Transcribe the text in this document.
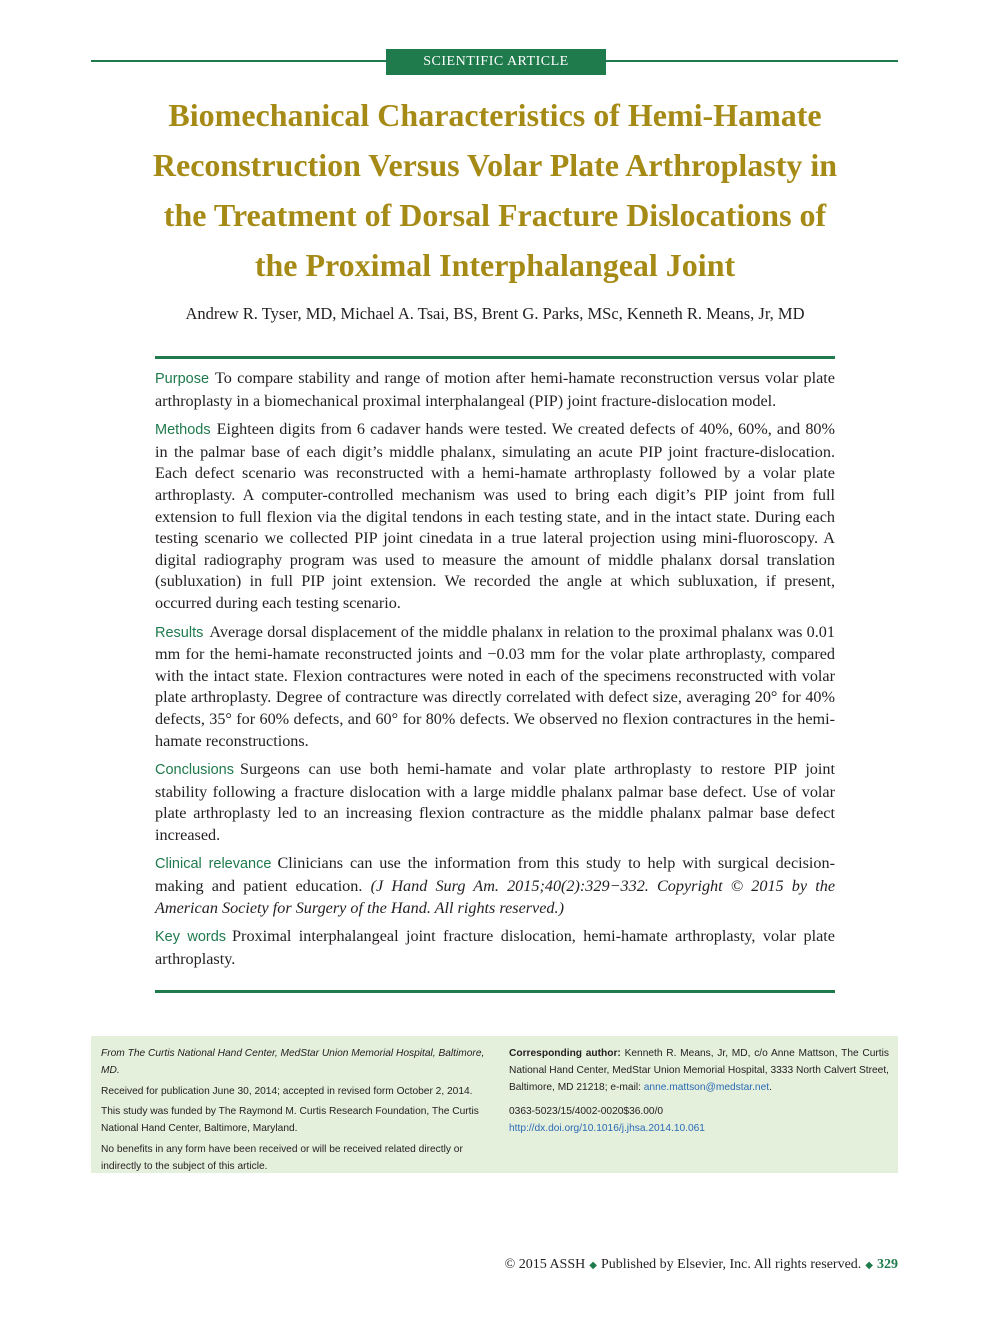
SCIENTIFIC ARTICLE
Biomechanical Characteristics of Hemi-Hamate
Reconstruction Versus Volar Plate Arthroplasty in
the Treatment of Dorsal Fracture Dislocations of
the Proximal Interphalangeal Joint
Andrew R. Tyser, MD, Michael A. Tsai, BS, Brent G. Parks, MSc, Kenneth R. Means, Jr, MD

Purpose To compare stability and range of motion after hemi-hamate reconstruction versus volar plate arthroplasty in a biomechanical proximal interphalangeal (PIP) joint fracture-dislocation model.

Methods Eighteen digits from 6 cadaver hands were tested. We created defects of 40%, 60%, and 80% in the palmar base of each digit’s middle phalanx, simulating an acute PIP joint fracture-dislocation. Each defect scenario was reconstructed with a hemi-hamate arthroplasty followed by a volar plate arthroplasty. A computer-controlled mechanism was used to bring each digit’s PIP joint from full extension to full flexion via the digital tendons in each testing state, and in the intact state. During each testing scenario we collected PIP joint cinedata in a true lateral projection using mini-fluoroscopy. A digital radiography program was used to measure the amount of middle phalanx dorsal translation (subluxation) in full PIP joint extension. We recorded the angle at which subluxation, if present, occurred during each testing scenario.

Results Average dorsal displacement of the middle phalanx in relation to the proximal phalanx was 0.01 mm for the hemi-hamate reconstructed joints and −0.03 mm for the volar plate arthroplasty, compared with the intact state. Flexion contractures were noted in each of the specimens reconstructed with volar plate arthroplasty. Degree of contracture was directly correlated with defect size, averaging 20° for 40% defects, 35° for 60% defects, and 60° for 80% defects. We observed no flexion contractures in the hemi-hamate reconstructions.

Conclusions Surgeons can use both hemi-hamate and volar plate arthroplasty to restore PIP joint stability following a fracture dislocation with a large middle phalanx palmar base defect. Use of volar plate arthroplasty led to an increasing flexion contracture as the middle phalanx palmar base defect increased.

Clinical relevance Clinicians can use the information from this study to help with surgical decision-making and patient education. (J Hand Surg Am. 2015;40(2):329−332. Copyright © 2015 by the American Society for Surgery of the Hand. All rights reserved.)

Key words Proximal interphalangeal joint fracture dislocation, hemi-hamate arthroplasty, volar plate arthroplasty.

From The Curtis National Hand Center, MedStar Union Memorial Hospital, Baltimore, MD.

Received for publication June 30, 2014; accepted in revised form October 2, 2014.

This study was funded by The Raymond M. Curtis Research Foundation, The Curtis National Hand Center, Baltimore, Maryland.

No benefits in any form have been received or will be received related directly or indirectly to the subject of this article.

Corresponding author: Kenneth R. Means, Jr, MD, c/o Anne Mattson, The Curtis National Hand Center, MedStar Union Memorial Hospital, 3333 North Calvert Street, Baltimore, MD 21218; e-mail: anne.mattson@medstar.net.

0363-5023/15/4002-0020$36.00/0
http://dx.doi.org/10.1016/j.jhsa.2014.10.061

© 2015 ASSH ◆ Published by Elsevier, Inc. All rights reserved. ◆ 329
